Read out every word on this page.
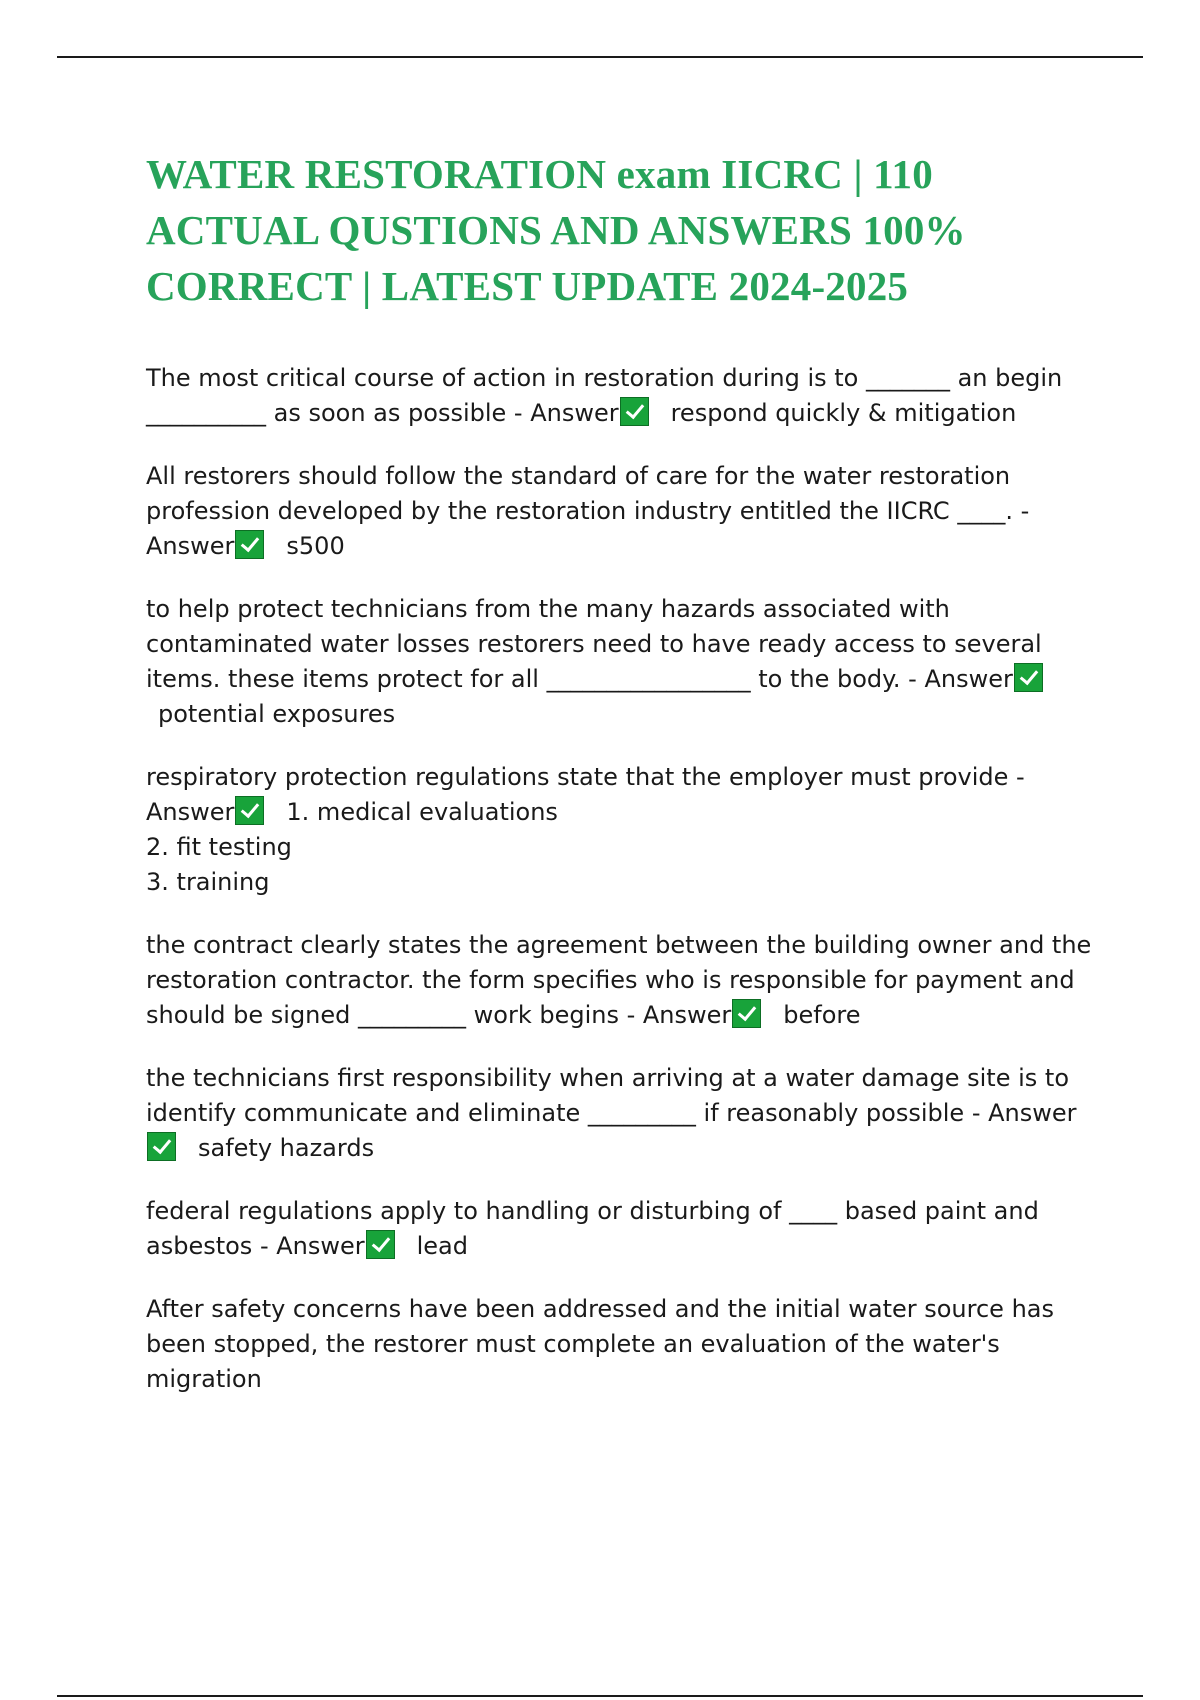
WATER RESTORATION exam IICRC | 110 ACTUAL QUSTIONS AND ANSWERS 100% CORRECT | LATEST UPDATE 2024-2025

The most critical course of action in restoration during is to _______ an begin __________ as soon as possible - Answer respond quickly & mitigation

All restorers should follow the standard of care for the water restoration profession developed by the restoration industry entitled the IICRC ____. - Answer s500

to help protect technicians from the many hazards associated with contaminated water losses restorers need to have ready access to several items. these items protect for all _________________ to the body. - Answerpotential exposures

respiratory protection regulations state that the employer must provide - Answer 1. medical evaluations
2. fit testing
3. training

the contract clearly states the agreement between the building owner and the restoration contractor. the form specifies who is responsible for payment and should be signed _________ work begins - Answer before

the technicians first responsibility when arriving at a water damage site is to identify communicate and eliminate _________ if reasonably possible - Answersafety hazards

federal regulations apply to handling or disturbing of ____ based paint and asbestos - Answer lead

After safety concerns have been addressed and the initial water source has been stopped, the restorer must complete an evaluation of the water's migration
